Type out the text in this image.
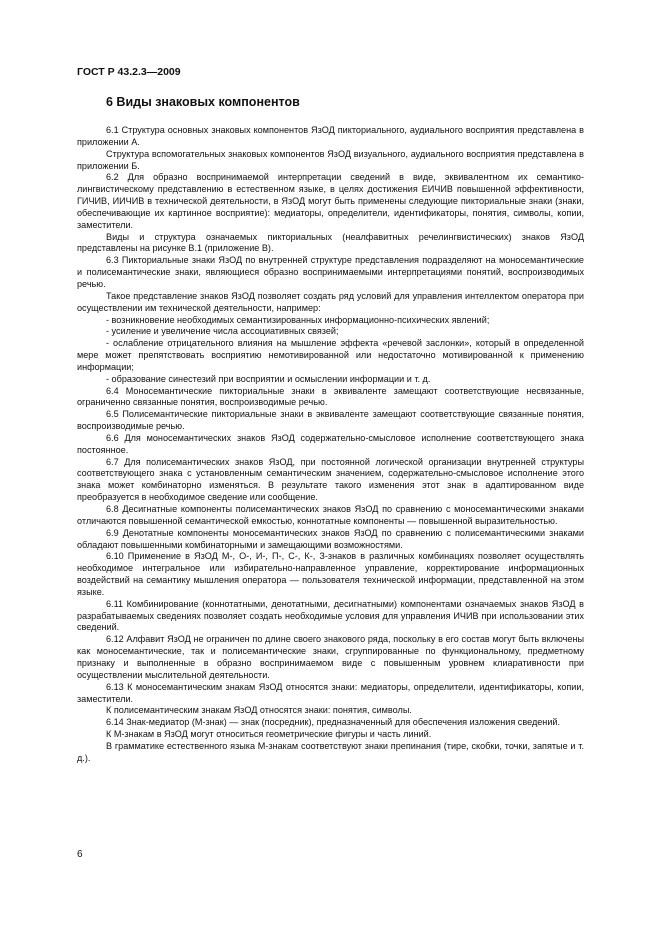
ГОСТ Р 43.2.3—2009
6 Виды знаковых компонентов

6.1 Структура основных знаковых компонентов ЯзОД пикториального, аудиального восприятия представлена в приложении А.

Структура вспомогательных знаковых компонентов ЯзОД визуального, аудиального восприятия представлена в приложении Б.

6.2 Для образно воспринимаемой интерпретации сведений в виде, эквивалентном их семантико-лингвистическому представлению в естественном языке, в целях достижения ЕИЧИВ повышенной эффективности, ГИЧИВ, ИИЧИВ в технической деятельности, в ЯзОД могут быть применены следующие пикториальные знаки (знаки, обеспечивающие их картинное восприятие): медиаторы, определители, идентификаторы, понятия, символы, копии, заместители.

Виды и структура означаемых пикториальных (неалфавитных речелингвистических) знаков ЯзОД представлены на рисунке В.1 (приложение В).

6.3 Пикториальные знаки ЯзОД по внутренней структуре представления подразделяют на моносемантические и полисемантические знаки, являющиеся образно воспринимаемыми интерпретациями понятий, воспроизводимых речью.

Такое представление знаков ЯзОД позволяет создать ряд условий для управления интеллектом оператора при осуществлении им технической деятельности, например:

- возникновение необходимых семантизированных информационно-психических явлений;

- усиление и увеличение числа ассоциативных связей;

- ослабление отрицательного влияния на мышление эффекта «речевой заслонки», который в определенной мере может препятствовать восприятию немотивированной или недостаточно мотивированной к применению информации;

- образование синестезий при восприятии и осмыслении информации и т. д.

6.4 Моносемантические пикториальные знаки в эквиваленте замещают соответствующие несвязанные, ограниченно связанные понятия, воспроизводимые речью.

6.5 Полисемантические пикториальные знаки в эквиваленте замещают соответствующие связанные понятия, воспроизводимые речью.

6.6 Для моносемантических знаков ЯзОД содержательно-смысловое исполнение соответствующего знака постоянное.

6.7 Для полисемантических знаков ЯзОД, при постоянной логической организации внутренней структуры соответствующего знака с установленным семантическим значением, содержательно-смысловое исполнение этого знака может комбинаторно изменяться. В результате такого изменения этот знак в адаптированном виде преобразуется в необходимое сведение или сообщение.

6.8 Десигнатные компоненты полисемантических знаков ЯзОД по сравнению с моносемантическими знаками отличаются повышенной семантической емкостью, коннотатные компоненты — повышенной выразительностью.

6.9 Денотатные компоненты моносемантических знаков ЯзОД по сравнению с полисемантическими знаками обладают повышенными комбинаторными и замещающими возможностями.

6.10 Применение в ЯзОД М-, О-, И-, П-, С-, К-, З-знаков в различных комбинациях позволяет осуществлять необходимое интегральное или избирательно-направленное управление, корректирование информационных воздействий на семантику мышления оператора — пользователя технической информации, представленной на этом языке.

6.11 Комбинирование (коннотатными, денотатными, десигнатными) компонентами означаемых знаков ЯзОД в разрабатываемых сведениях позволяет создать необходимые условия для управления ИЧИВ при использовании этих сведений.

6.12 Алфавит ЯзОД не ограничен по длине своего знакового ряда, поскольку в его состав могут быть включены как моносемантические, так и полисемантические знаки, сгруппированные по функциональному, предметному признаку и выполненные в образно воспринимаемом виде с повышенным уровнем клиаративности при осуществлении мыслительной деятельности.

6.13 К моносемантическим знакам ЯзОД относятся знаки: медиаторы, определители, идентификаторы, копии, заместители.

К полисемантическим знакам ЯзОД относятся знаки: понятия, символы.

6.14 Знак-медиатор (М-знак) — знак (посредник), предназначенный для обеспечения изложения сведений.

К М-знакам в ЯзОД могут относиться геометрические фигуры и часть линий.

В грамматике естественного языка М-знакам соответствуют знаки препинания (тире, скобки, точки, запятые и т. д.).

6
